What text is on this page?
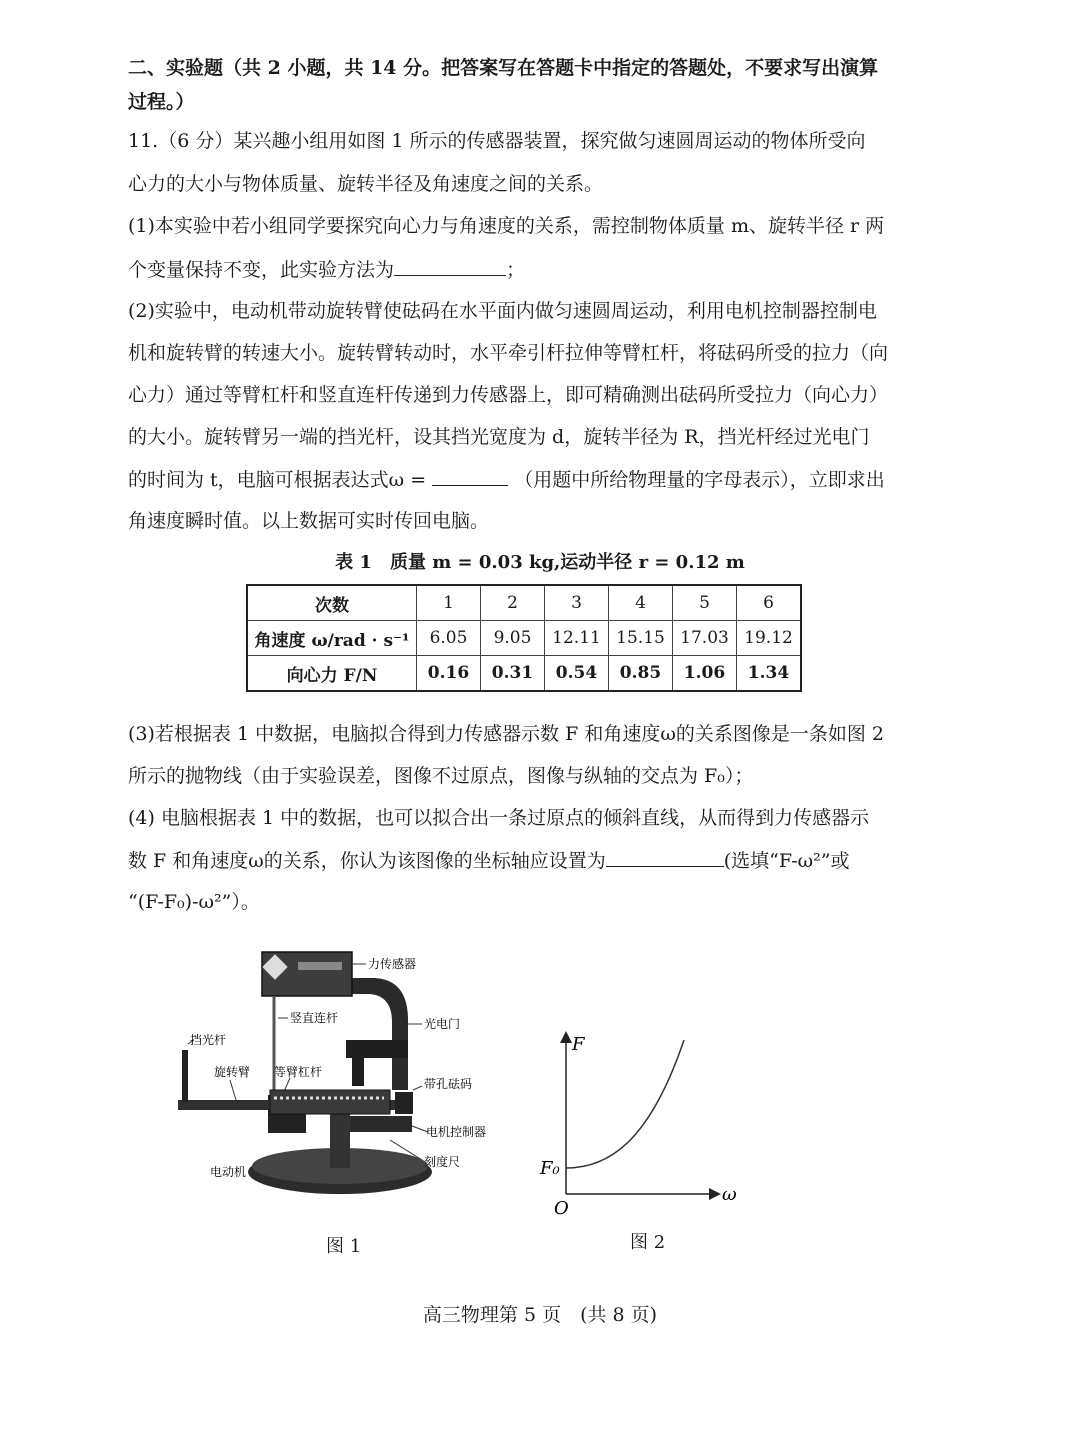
二、实验题（共 2 小题，共 14 分。把答案写在答题卡中指定的答题处，不要求写出演算
过程。）
11.（6 分）某兴趣小组用如图 1 所示的传感器装置，探究做匀速圆周运动的物体所受向
心力的大小与物体质量、旋转半径及角速度之间的关系。
(1)本实验中若小组同学要探究向心力与角速度的关系，需控制物体质量 m、旋转半径 r 两
个变量保持不变，此实验方法为	；
(2)实验中，电动机带动旋转臂使砝码在水平面内做匀速圆周运动，利用电机控制器控制电
机和旋转臂的转速大小。旋转臂转动时，水平牵引杆拉伸等臂杠杆，将砝码所受的拉力（向
心力）通过等臂杠杆和竖直连杆传递到力传感器上，即可精确测出砝码所受拉力（向心力）
的大小。旋转臂另一端的挡光杆，设其挡光宽度为 d，旋转半径为 R，挡光杆经过光电门
的时间为 t，电脑可根据表达式ω =	（用题中所给物理量的字母表示），立即求出
角速度瞬时值。以上数据可实时传回电脑。
表 1　质量 m = 0.03 kg,运动半径 r = 0.12 m
次数	1	2	3	4	5	6
角速度 ω/rad · s⁻¹	6.05	9.05	12.11	15.15	17.03	19.12
向心力 F/N	0.16	0.31	0.54	0.85	1.06	1.34
(3)若根据表 1 中数据，电脑拟合得到力传感器示数 F 和角速度ω的关系图像是一条如图 2
所示的抛物线（由于实验误差，图像不过原点，图像与纵轴的交点为 F₀）；
(4) 电脑根据表 1 中的数据，也可以拟合出一条过原点的倾斜直线，从而得到力传感器示
数 F 和角速度ω的关系，你认为该图像的坐标轴应设置为	(选填“F-ω²”或
“(F-F₀)-ω²”）。
力传感器
竖直连杆	光电门
挡光杆
旋转臂 等臂杠杆
带孔砝码
电机控制器
电动机
刻度尺
图 1
F
ω
O
F₀
图 2
高三物理第 5 页　(共 8 页)
